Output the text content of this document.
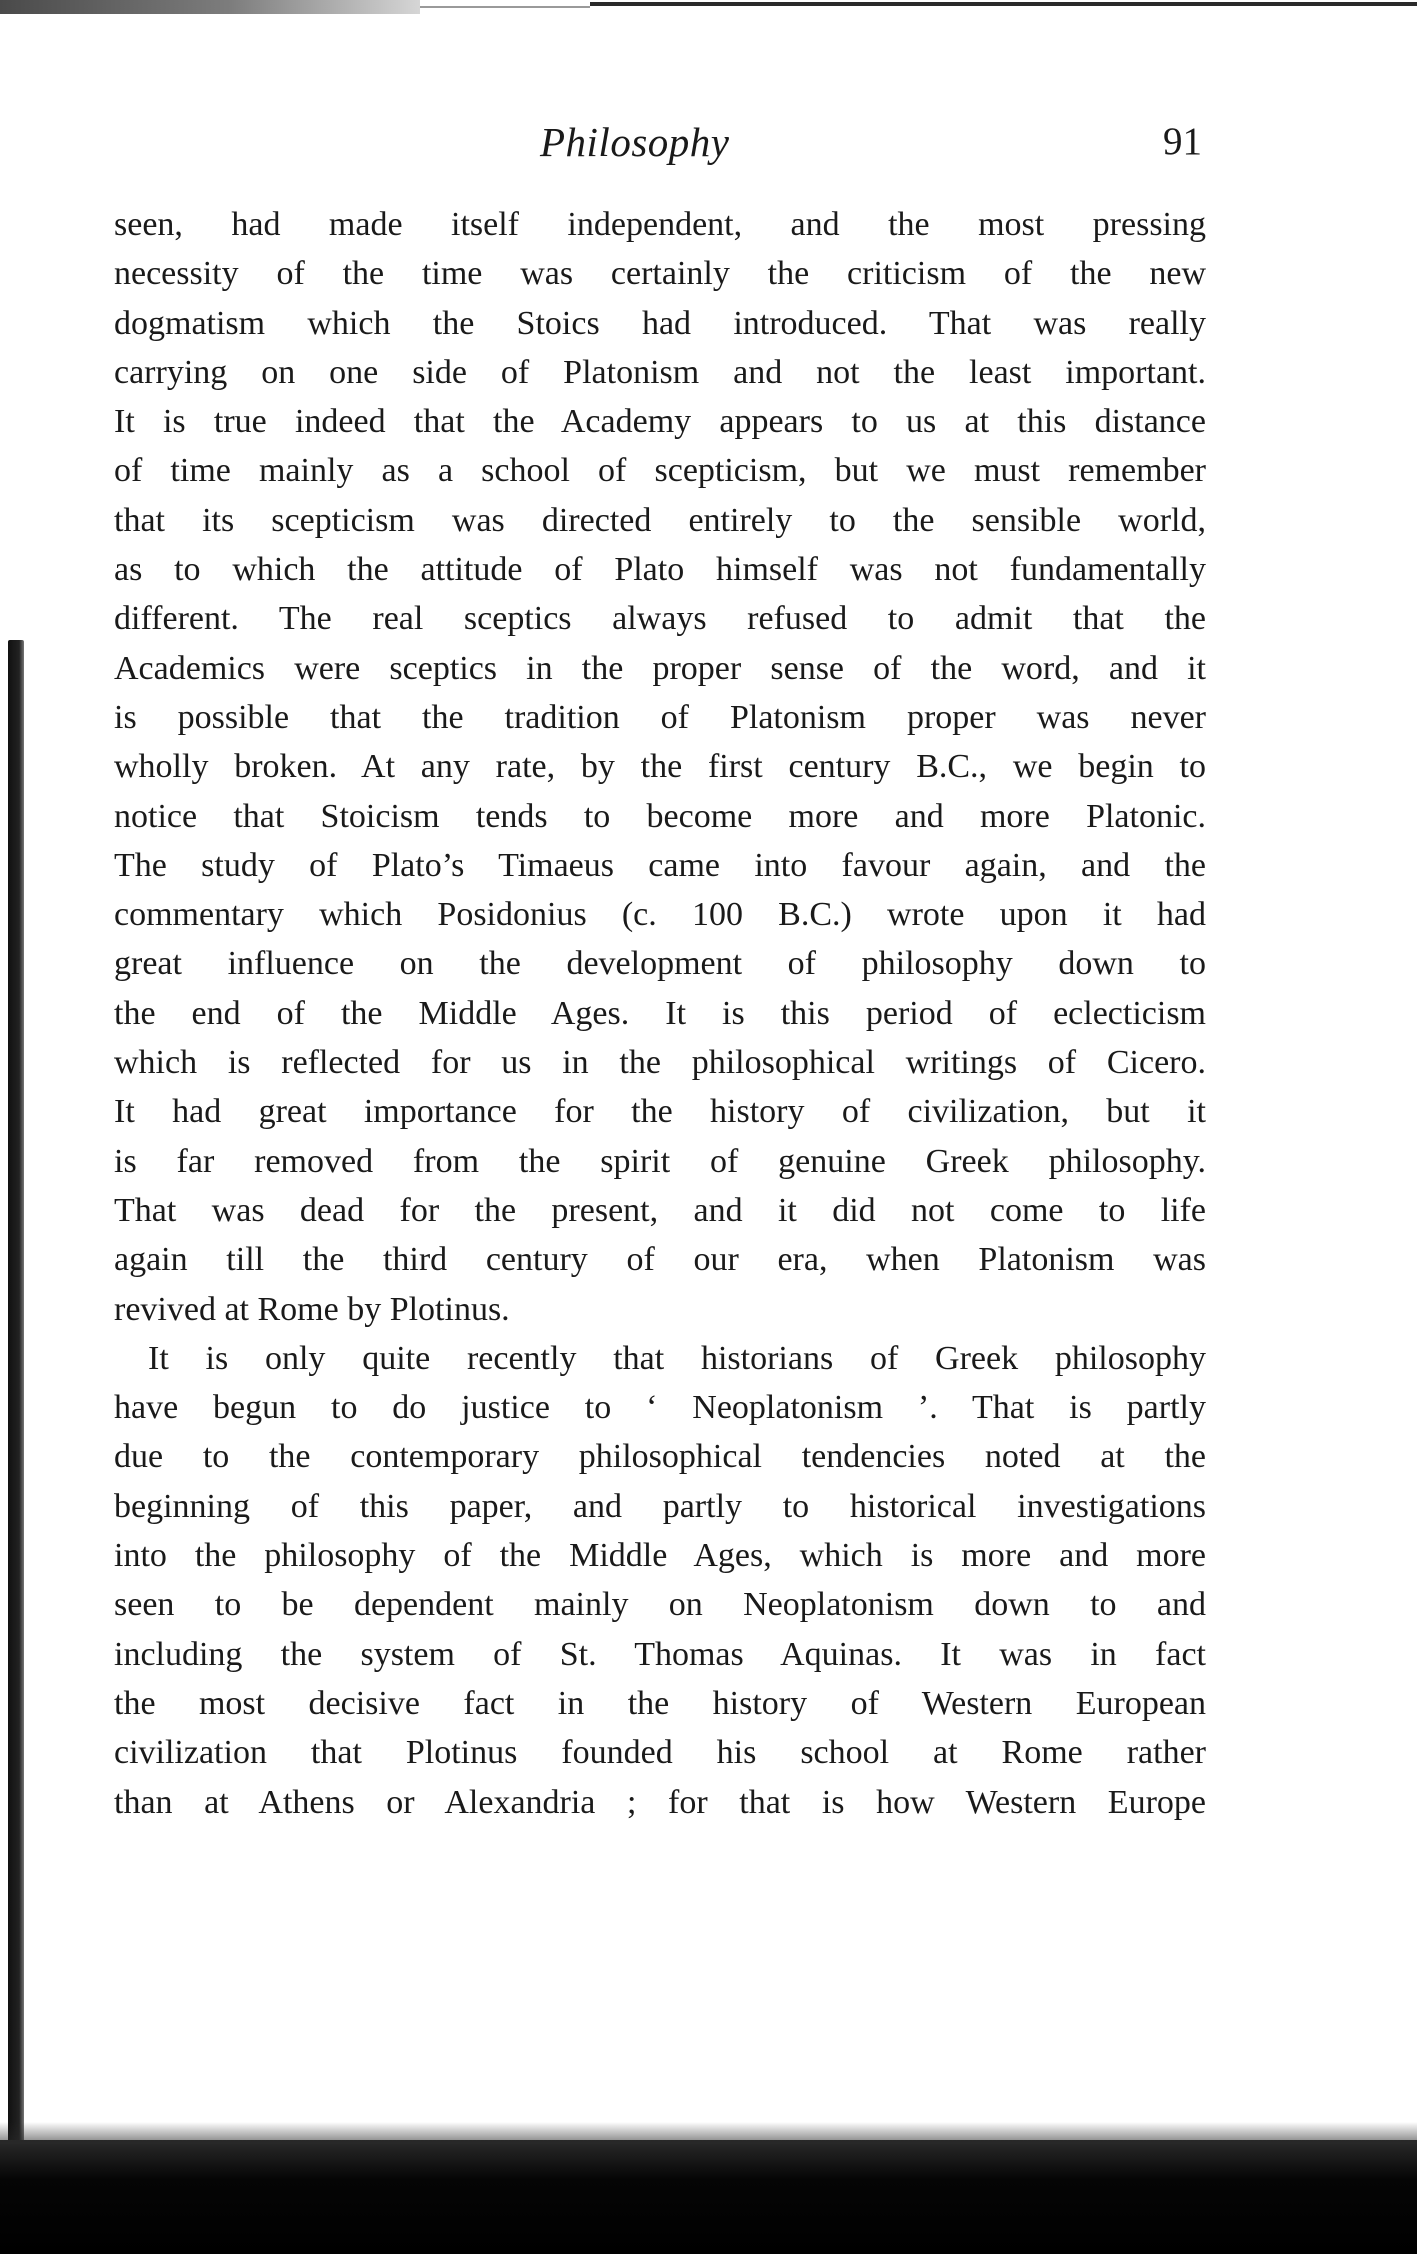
Philosophy	91
seen, had made itself independent, and the most pressing
necessity of the time was certainly the criticism of the new
dogmatism which the Stoics had introduced. That was really
carrying on one side of Platonism and not the least important.
It is true indeed that the Academy appears to us at this distance
of time mainly as a school of scepticism, but we must remember
that its scepticism was directed entirely to the sensible world,
as to which the attitude of Plato himself was not fundamentally
different. The real sceptics always refused to admit that the
Academics were sceptics in the proper sense of the word, and it
is possible that the tradition of Platonism proper was never
wholly broken. At any rate, by the first century B.C., we begin to
notice that Stoicism tends to become more and more Platonic.
The study of Plato’s Timaeus came into favour again, and the
commentary which Posidonius (c. 100 B.C.) wrote upon it had
great influence on the development of philosophy down to
the end of the Middle Ages. It is this period of eclecticism
which is reflected for us in the philosophical writings of Cicero.
It had great importance for the history of civilization, but it
is far removed from the spirit of genuine Greek philosophy.
That was dead for the present, and it did not come to life
again till the third century of our era, when Platonism was
revived at Rome by Plotinus.
It is only quite recently that historians of Greek philosophy
have begun to do justice to ‘ Neoplatonism ’. That is partly
due to the contemporary philosophical tendencies noted at the
beginning of this paper, and partly to historical investigations
into the philosophy of the Middle Ages, which is more and more
seen to be dependent mainly on Neoplatonism down to and
including the system of St. Thomas Aquinas. It was in fact
the most decisive fact in the history of Western European
civilization that Plotinus founded his school at Rome rather
than at Athens or Alexandria ; for that is how Western Europe
